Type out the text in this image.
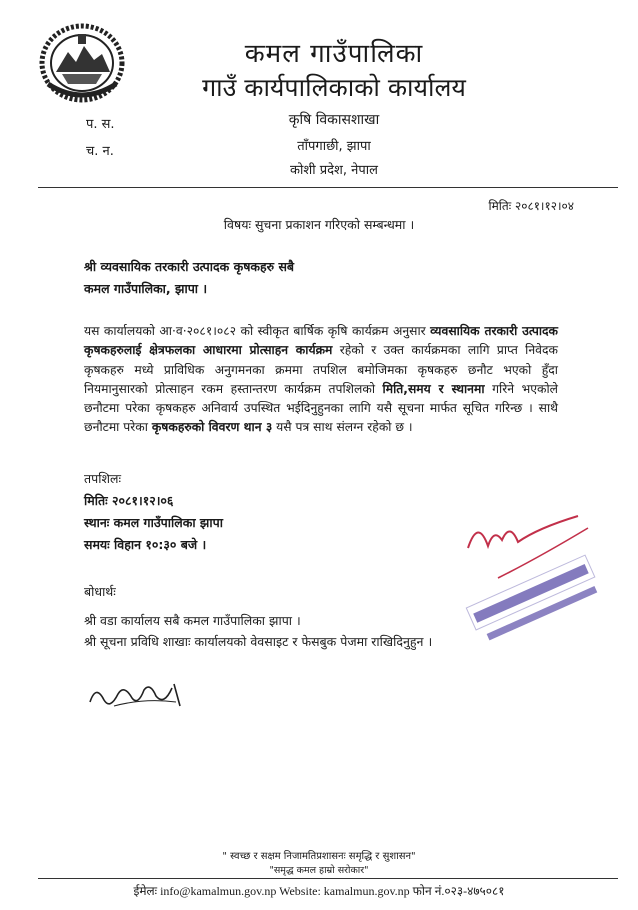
कमल गाउँपालिका
गाउँ कार्यपालिकाको कार्यालय
कृषि विकासशाखा
ताँपगाछी, झापा
कोशी प्रदेश, नेपाल
प. स.
च. न.
मितिः २०८१।१२।०४
विषयः सुचना प्रकाशन गरिएको सम्बन्धमा ।
श्री व्यवसायिक तरकारी उत्पादक कृषकहरु सबै
कमल गाउँपालिका, झापा ।
यस कार्यालयको आ·व·२०८१।०८२ को स्वीकृत बार्षिक कृषि कार्यक्रम अनुसार व्यवसायिक तरकारी उत्पादक कृषकहरुलाई क्षेत्रफलका आधारमा प्रोत्साहन कार्यक्रम रहेको र उक्त कार्यक्रमका लागि प्राप्त निवेदक कृषकहरु मध्ये प्राविधिक अनुगमनका क्रममा तपशिल बमोजिमका कृषकहरु छनौट भएको हुँदा नियमानुसारको प्रोत्साहन रकम हस्तान्तरण कार्यक्रम तपशिलको मिति,समय र स्थानमा गरिने भएकोले छनौटमा परेका कृषकहरु अनिवार्य उपस्थित भईदिनुहुनका लागि यसै सूचना मार्फत सूचित गरिन्छ । साथै छनौटमा परेका कृषकहरुको विवरण थान ३ यसै पत्र साथ संलग्न रहेको छ ।
तपशिलः
मितिः २०८१।१२।०६
स्थानः कमल गाउँपालिका झापा
समयः विहान १०:३० बजे ।
बोधार्थः
श्री वडा कार्यालय सबै कमल गाउँपालिका झापा ।
श्री सूचना प्रविधि शाखाः कार्यालयको वेवसाइट र फेसबुक पेजमा राखिदिनुहुन ।
" स्वच्छ र सक्षम निजामतिप्रशासनः समृद्धि र सुशासन"
"समृद्ध कमल हाम्रो सरोकार"
ईमेलः info@kamalmun.gov.np Website: kamalmun.gov.np फोन नं.०२३-४७५०८१
